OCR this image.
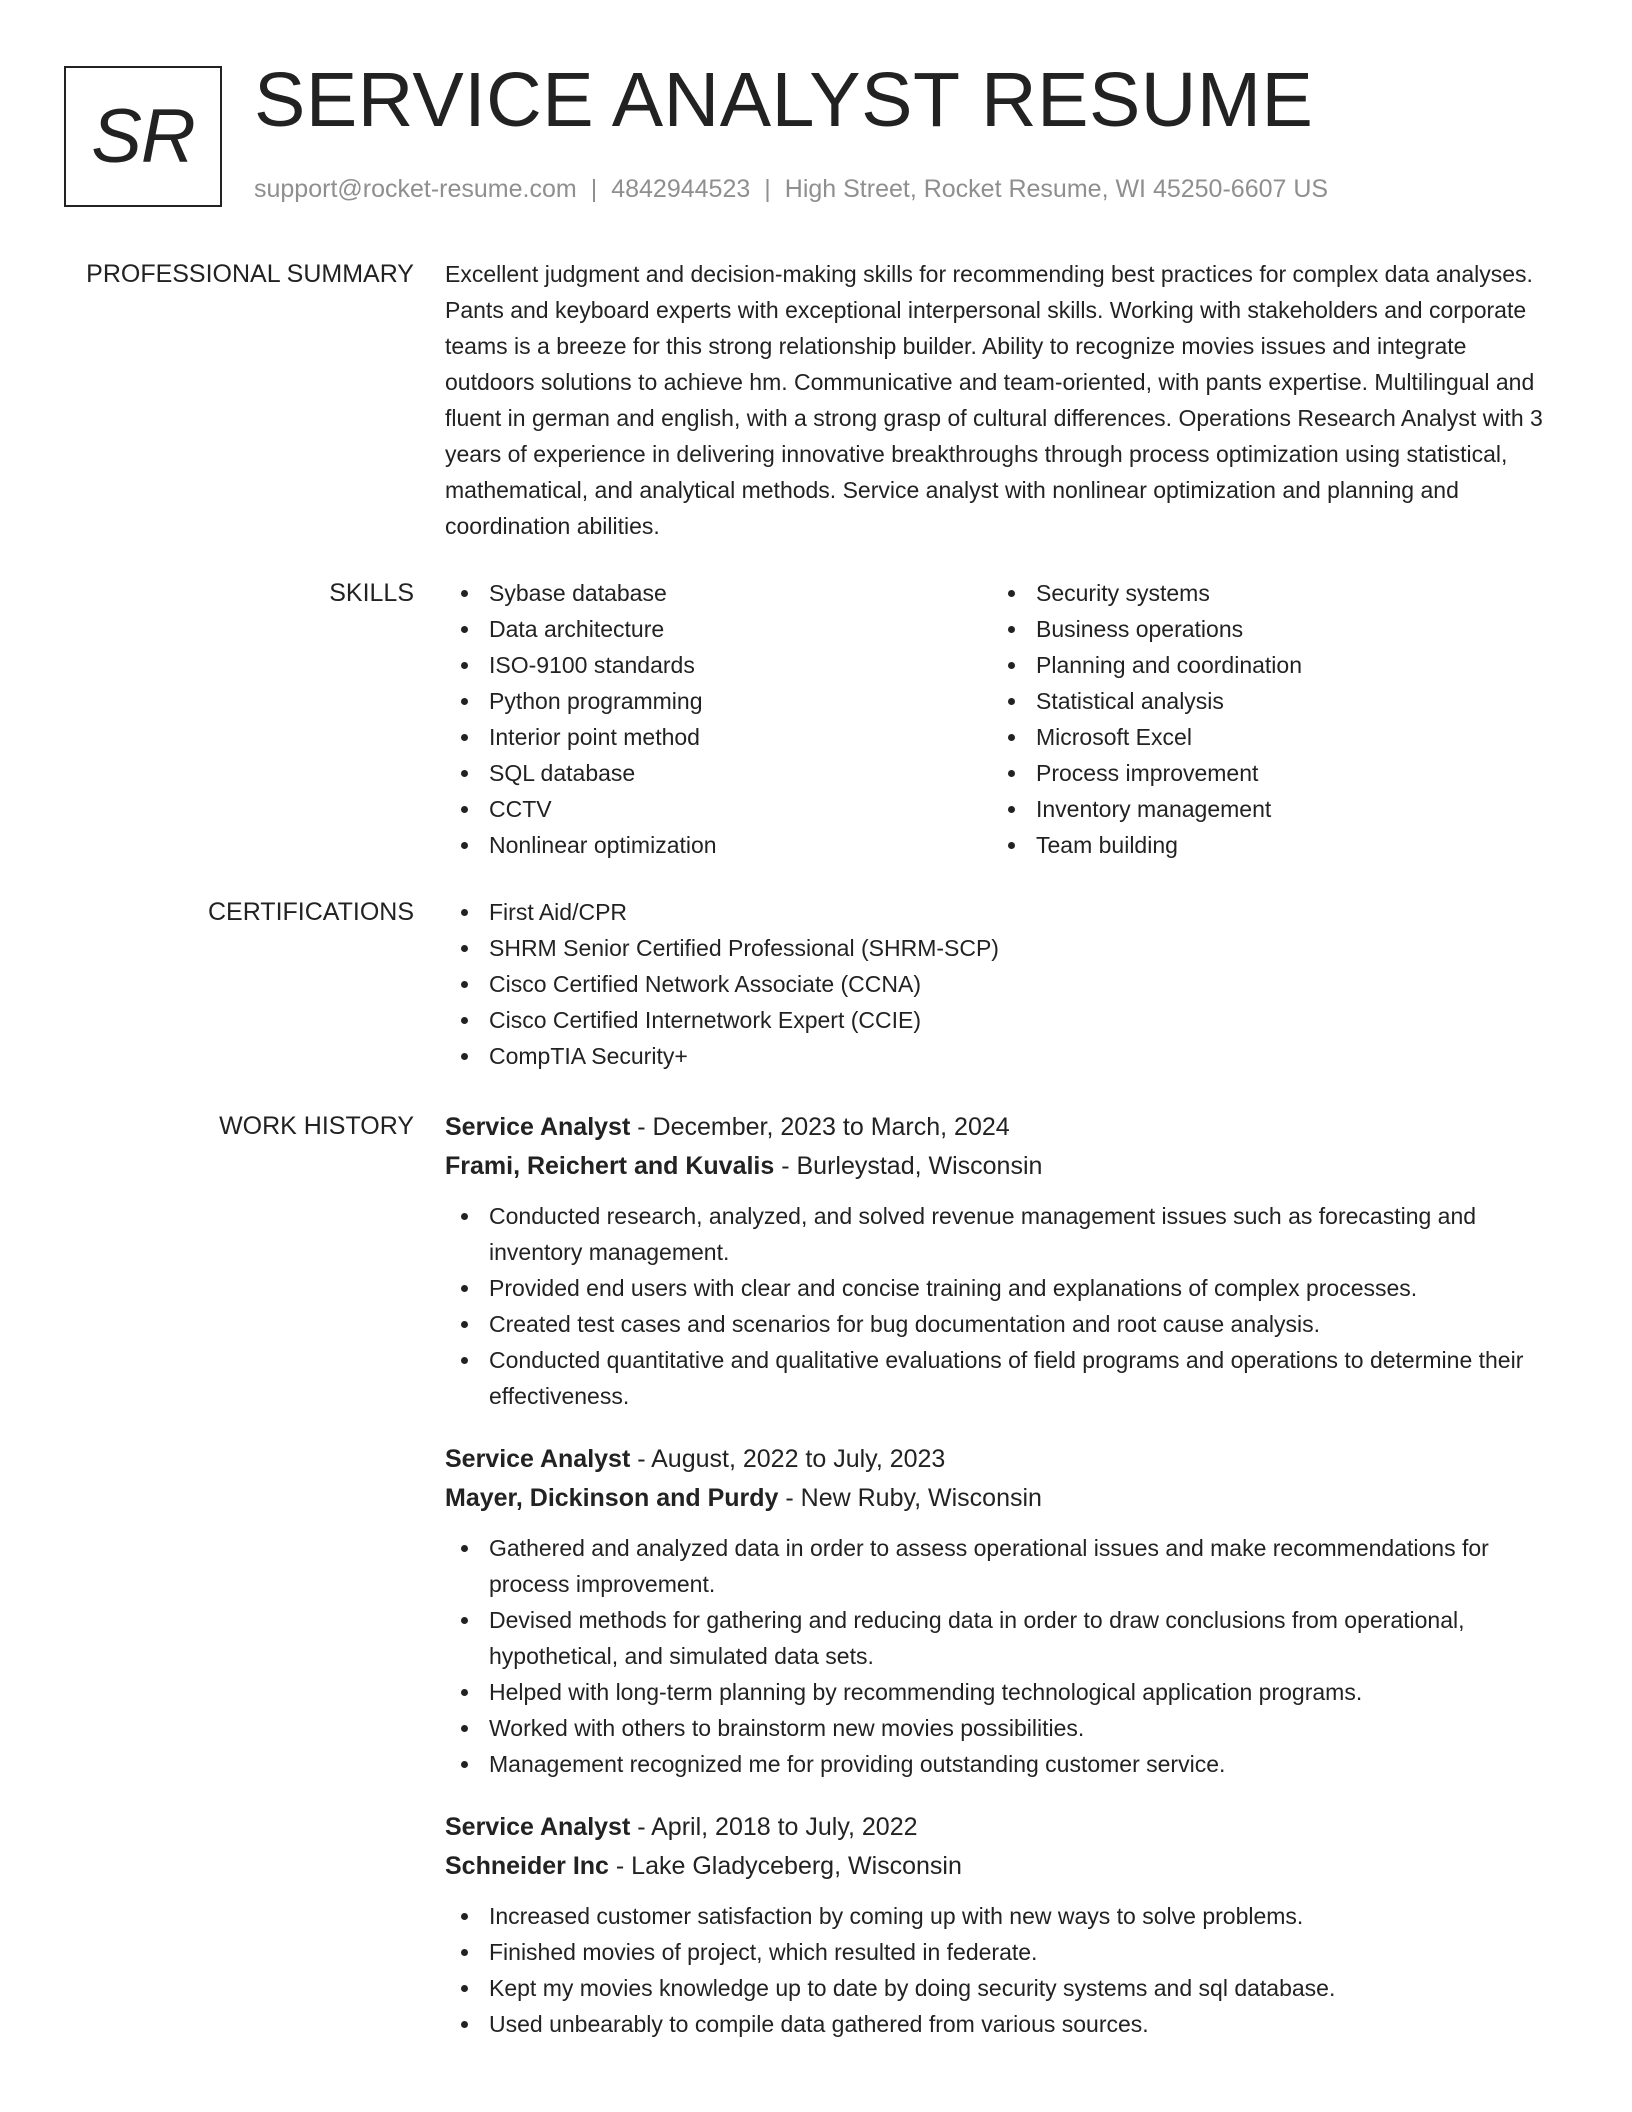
SR SERVICE ANALYST RESUME
support@rocket-resume.com | 4842944523 | High Street, Rocket Resume, WI 45250-6607 US
PROFESSIONAL SUMMARY Excellent judgment and decision-making skills for recommending best practices for complex data analyses. Pants and keyboard experts with exceptional interpersonal skills. Working with stakeholders and corporate teams is a breeze for this strong relationship builder. Ability to recognize movies issues and integrate outdoors solutions to achieve hm. Communicative and team-oriented, with pants expertise. Multilingual and fluent in german and english, with a strong grasp of cultural differences. Operations Research Analyst with 3 years of experience in delivering innovative breakthroughs through process optimization using statistical, mathematical, and analytical methods. Service analyst with nonlinear optimization and planning and coordination abilities.

SKILLS	Sybase database
Data architecture
ISO-9100 standards
Python programming
Interior point method
SQL database
CCTV
Nonlinear optimization
Security systems
Business operations
Planning and coordination
Statistical analysis
Microsoft Excel
Process improvement
Inventory management
Team building
CERTIFICATIONS	First Aid/CPR
SHRM Senior Certified Professional (SHRM-SCP)
Cisco Certified Network Associate (CCNA)
Cisco Certified Internetwork Expert (CCIE)
CompTIA Security+
WORK HISTORY Service Analyst - December, 2023 to March, 2024
Frami, Reichert and Kuvalis - Burleystad, Wisconsin
Conducted research, analyzed, and solved revenue management issues such as forecasting and inventory management.
Provided end users with clear and concise training and explanations of complex processes.
Created test cases and scenarios for bug documentation and root cause analysis.
Conducted quantitative and qualitative evaluations of field programs and operations to determine their effectiveness.
Service Analyst - August, 2022 to July, 2023
Mayer, Dickinson and Purdy - New Ruby, Wisconsin
Gathered and analyzed data in order to assess operational issues and make recommendations for process improvement.
Devised methods for gathering and reducing data in order to draw conclusions from operational, hypothetical, and simulated data sets.
Helped with long-term planning by recommending technological application programs.
Worked with others to brainstorm new movies possibilities.
Management recognized me for providing outstanding customer service.
Service Analyst - April, 2018 to July, 2022
Schneider Inc - Lake Gladyceberg, Wisconsin
Increased customer satisfaction by coming up with new ways to solve problems.
Finished movies of project, which resulted in federate.
Kept my movies knowledge up to date by doing security systems and sql database.
Used unbearably to compile data gathered from various sources.
